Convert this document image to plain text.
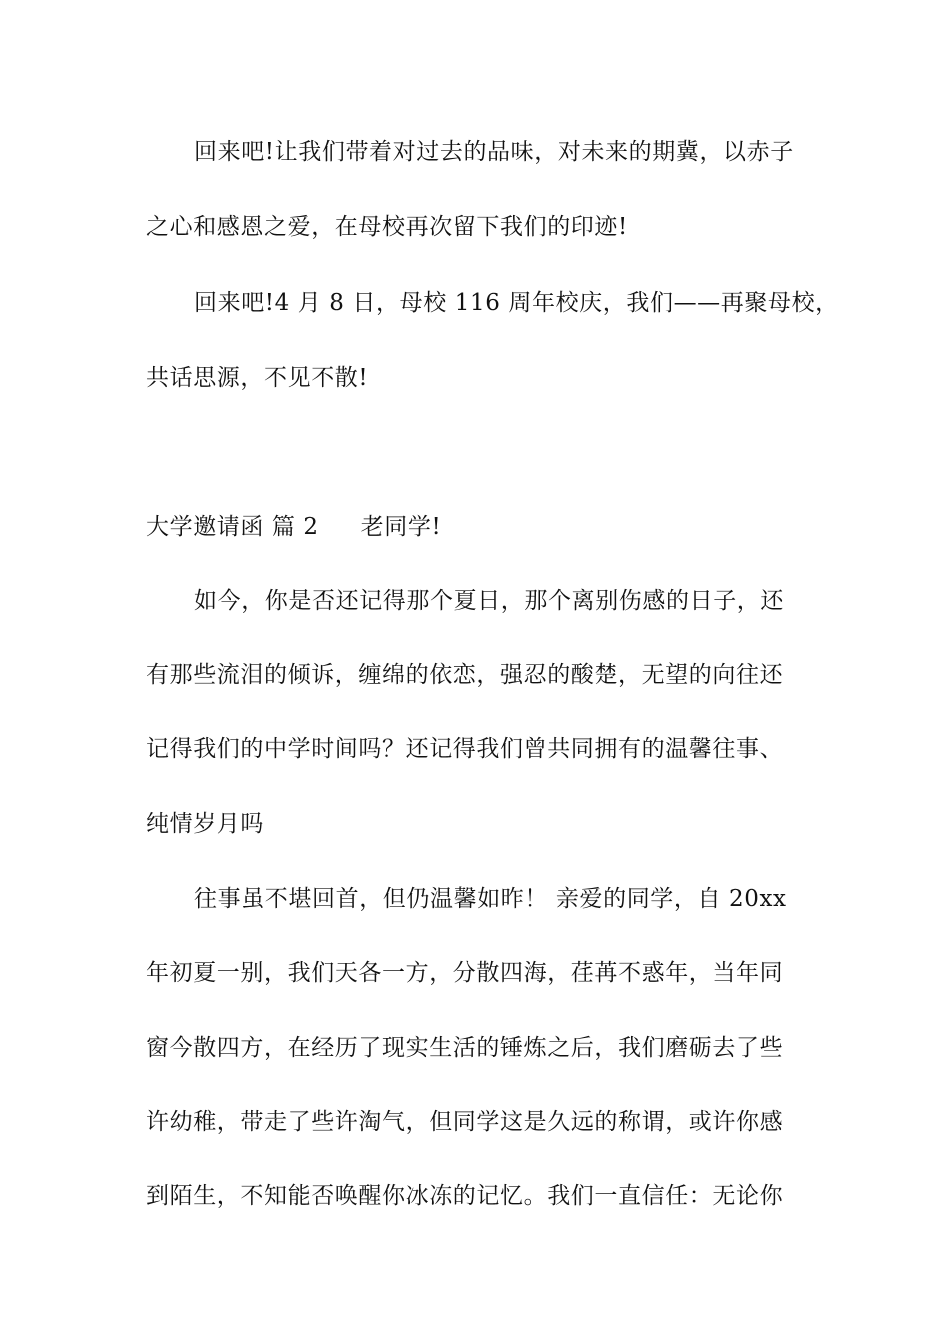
回来吧!让我们带着对过去的品味，对未来的期冀，以赤子
之心和感恩之爱，在母校再次留下我们的印迹!
回来吧!4 月 8 日，母校 116 周年校庆，我们——再聚母校，
共话思源，不见不散!
大学邀请函 篇 2 老同学!
如今，你是否还记得那个夏日，那个离别伤感的日子，还
有那些流泪的倾诉，缠绵的依恋，强忍的酸楚，无望的向往还
记得我们的中学时间吗？还记得我们曾共同拥有的温馨往事、
纯情岁月吗
往事虽不堪回首，但仍温馨如昨！ 亲爱的同学，自 20xx
年初夏一别，我们天各一方，分散四海，荏苒不惑年，当年同
窗今散四方，在经历了现实生活的锤炼之后，我们磨砺去了些
许幼稚，带走了些许淘气，但同学这是久远的称谓，或许你感
到陌生，不知能否唤醒你冰冻的记忆。我们一直信任：无论你
